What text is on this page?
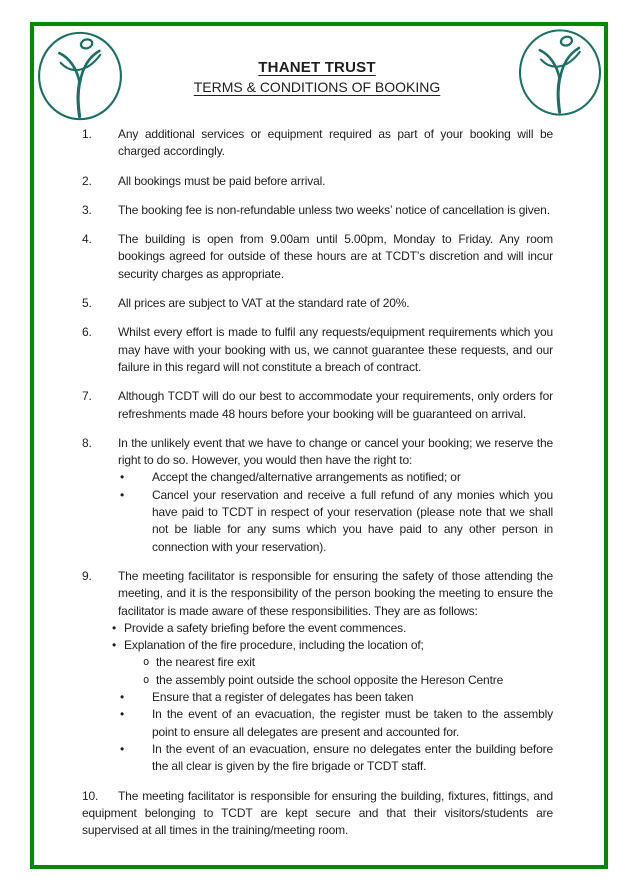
THANET TRUST
TERMS & CONDITIONS OF BOOKING
1. Any additional services or equipment required as part of your booking will be charged accordingly.
2. All bookings must be paid before arrival.
3. The booking fee is non-refundable unless two weeks’ notice of cancellation is given.
4. The building is open from 9.00am until 5.00pm, Monday to Friday. Any room bookings agreed for outside of these hours are at TCDT’s discretion and will incur security charges as appropriate.
5. All prices are subject to VAT at the standard rate of 20%.
6. Whilst every effort is made to fulfil any requests/equipment requirements which you may have with your booking with us, we cannot guarantee these requests, and our failure in this regard will not constitute a breach of contract.
7. Although TCDT will do our best to accommodate your requirements, only orders for refreshments made 48 hours before your booking will be guaranteed on arrival.
8. In the unlikely event that we have to change or cancel your booking; we reserve the right to do so. However, you would then have the right to:
• Accept the changed/alternative arrangements as notified; or
• Cancel your reservation and receive a full refund of any monies which you have paid to TCDT in respect of your reservation (please note that we shall not be liable for any sums which you have paid to any other person in connection with your reservation).
9. The meeting facilitator is responsible for ensuring the safety of those attending the meeting, and it is the responsibility of the person booking the meeting to ensure the facilitator is made aware of these responsibilities. They are as follows:
• Provide a safety briefing before the event commences.
• Explanation of the fire procedure, including the location of;
o the nearest fire exit
o the assembly point outside the school opposite the Hereson Centre
• Ensure that a register of delegates has been taken
• In the event of an evacuation, the register must be taken to the assembly point to ensure all delegates are present and accounted for.
• In the event of an evacuation, ensure no delegates enter the building before the all clear is given by the fire brigade or TCDT staff.
10. The meeting facilitator is responsible for ensuring the building, fixtures, fittings, and equipment belonging to TCDT are kept secure and that their visitors/students are supervised at all times in the training/meeting room.
